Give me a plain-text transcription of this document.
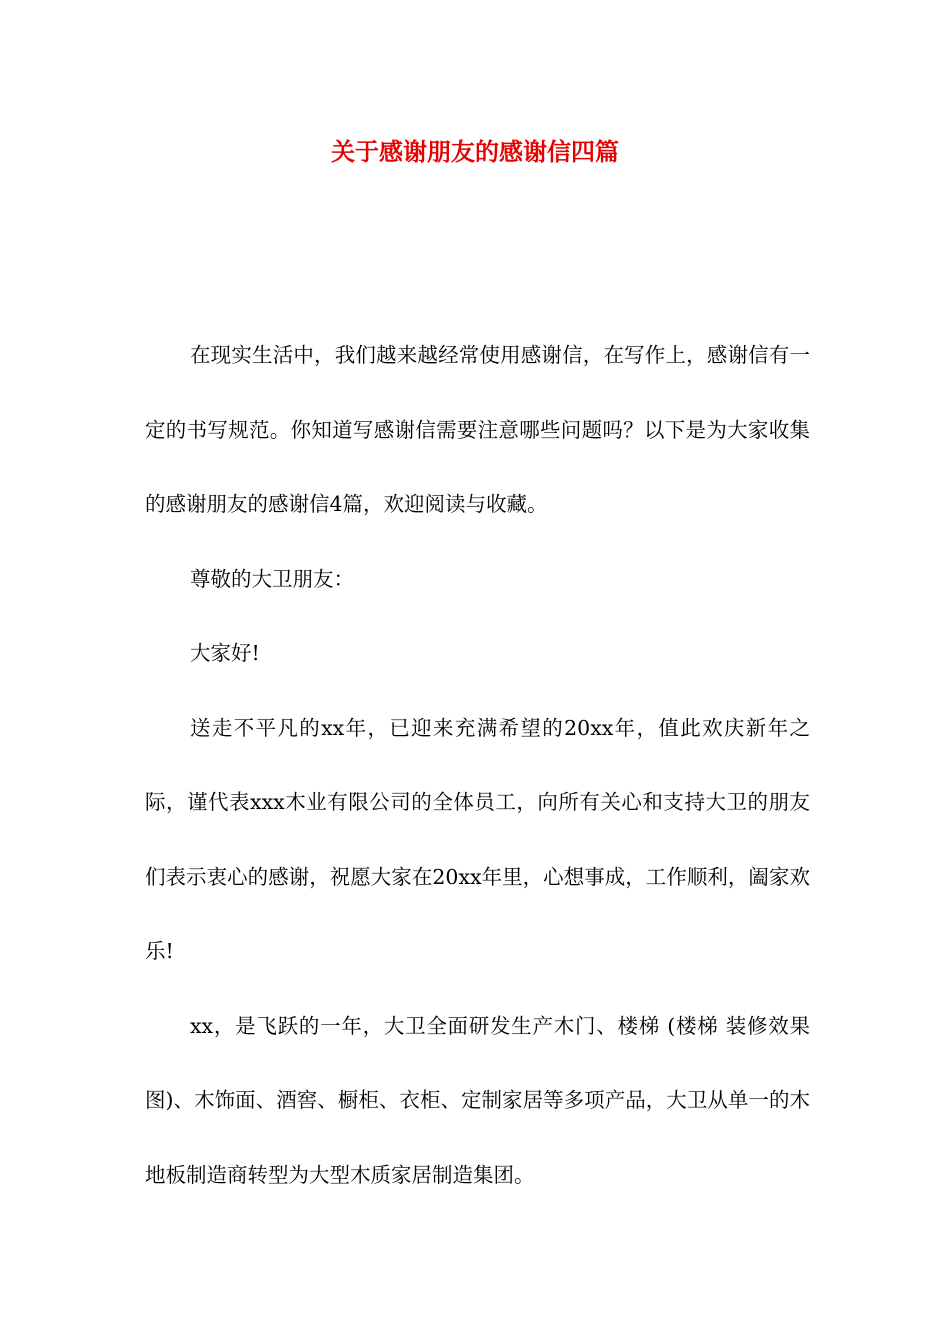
关于感谢朋友的感谢信四篇

在现实生活中，我们越来越经常使用感谢信，在写作上，感谢信有一定的书写规范。你知道写感谢信需要注意哪些问题吗？以下是为大家收集的感谢朋友的感谢信4篇，欢迎阅读与收藏。

尊敬的大卫朋友：

大家好!

送走不平凡的xx年，已迎来充满希望的20xx年，值此欢庆新年之际，谨代表xxx木业有限公司的全体员工，向所有关心和支持大卫的朋友们表示衷心的感谢，祝愿大家在20xx年里，心想事成，工作顺利，阖家欢乐!

xx，是飞跃的一年，大卫全面研发生产木门、楼梯 (楼梯 装修效果图)、木饰面、酒窖、橱柜、衣柜、定制家居等多项产品，大卫从单一的木地板制造商转型为大型木质家居制造集团。
